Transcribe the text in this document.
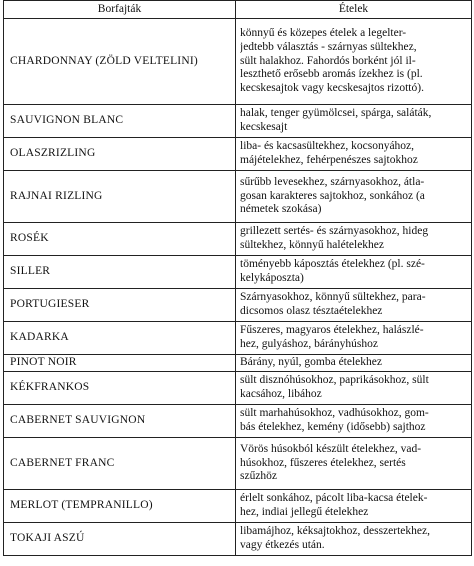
Borfajták	Ételek
CHARDONNAY (ZÖLD VELTELINI)	könnyű és közepes ételek a legelter-
jedtebb választás - szárnyas sültekhez,
sült halakhoz. Fahordós borként jól il-
leszthető erősebb aromás ízekhez is (pl.
kecskesajtok vagy kecskesajtos rizottó).

SAUVIGNON BLANC	halak, tenger gyümölcsei, spárga, saláták,
kecskesajt

OLASZRIZLING	liba- és kacsasültekhez, kocsonyához,
májételekhez, fehérpenészes sajtokhoz

RAJNAI RIZLING	sűrűbb levesekhez, szárnyasokhoz, átla-
gosan karakteres sajtokhoz, sonkához (a
németek szokása)

ROSÉK	grillezett sertés- és szárnyasokhoz, hideg
sültekhez, könnyű halételekhez

SILLER	töményebb káposztás ételekhez (pl. szé-
kelykáposzta)

PORTUGIESER	Szárnyasokhoz, könnyű sültekhez, para-
dicsomos olasz tésztaételekhez

KADARKA	Fűszeres, magyaros ételekhez, halászlé-
hez, gulyáshoz, bárányhúshoz

PINOT NOIR	Bárány, nyúl, gomba ételekhez

KÉKFRANKOS	sült disznóhúsokhoz, paprikásokhoz, sült
kacsához, libához

CABERNET SAUVIGNON	sült marhahúsokhoz, vadhúsokhoz, gom-
bás ételekhez, kemény (idősebb) sajthoz

CABERNET FRANC	Vörös húsokból készült ételekhez, vad-
húsokhoz, fűszeres ételekhez, sertés
szűzhöz

MERLOT (TEMPRANILLO)	érlelt sonkához, pácolt liba-kacsa ételek-
hez, indiai jellegű ételekhez

TOKAJI ASZÚ	libamájhoz, kéksajtokhoz, desszertekhez,
vagy étkezés után.
